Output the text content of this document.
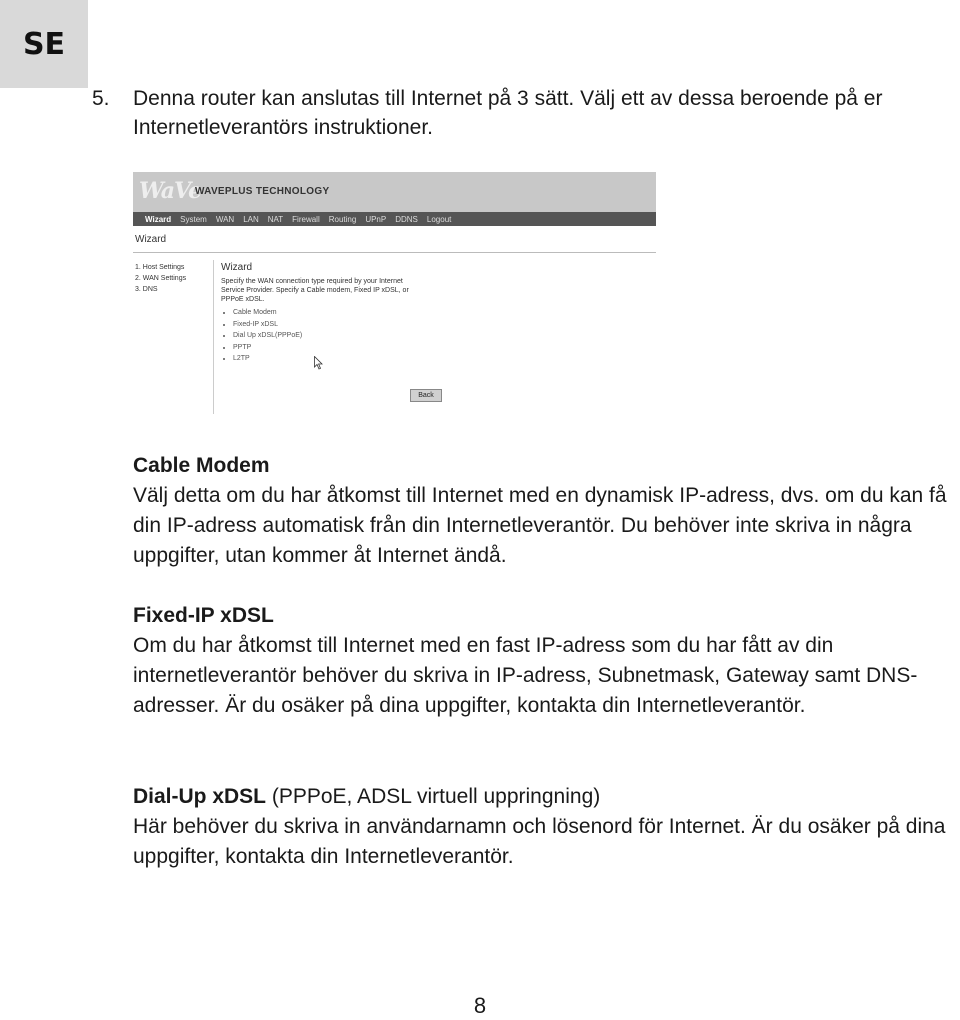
SE
5. Denna router kan anslutas till Internet på 3 sätt. Välj ett av dessa beroende på er Internetleverantörs instruktioner.
WaVe
WAVEPLUS TECHNOLOGY
Wizard System WAN LAN NAT Firewall Routing UPnP DDNS Logout
Wizard
1. Host Settings
2. WAN Settings
3. DNS
Wizard
Specify the WAN connection type required by your Internet Service Provider. Specify a Cable modem, Fixed IP xDSL, or PPPoE xDSL.
• Cable Modem
• Fixed-IP xDSL
• Dial Up xDSL(PPPoE)
• PPTP
• L2TP
Back
Cable Modem
Välj detta om du har åtkomst till Internet med en dynamisk IP-adress, dvs. om du kan få din IP-adress automatisk från din Internetleverantör. Du behöver inte skriva in några uppgifter, utan kommer åt Internet ändå.
Fixed-IP xDSL
Om du har åtkomst till Internet med en fast IP-adress som du har fått av din internetleverantör behöver du skriva in IP-adress, Subnetmask, Gateway samt DNS-adresser. Är du osäker på dina uppgifter, kontakta din Internetleverantör.
Dial-Up xDSL (PPPoE, ADSL virtuell uppringning)
Här behöver du skriva in användarnamn och lösenord för Internet. Är du osäker på dina uppgifter, kontakta din Internetleverantör.
8
